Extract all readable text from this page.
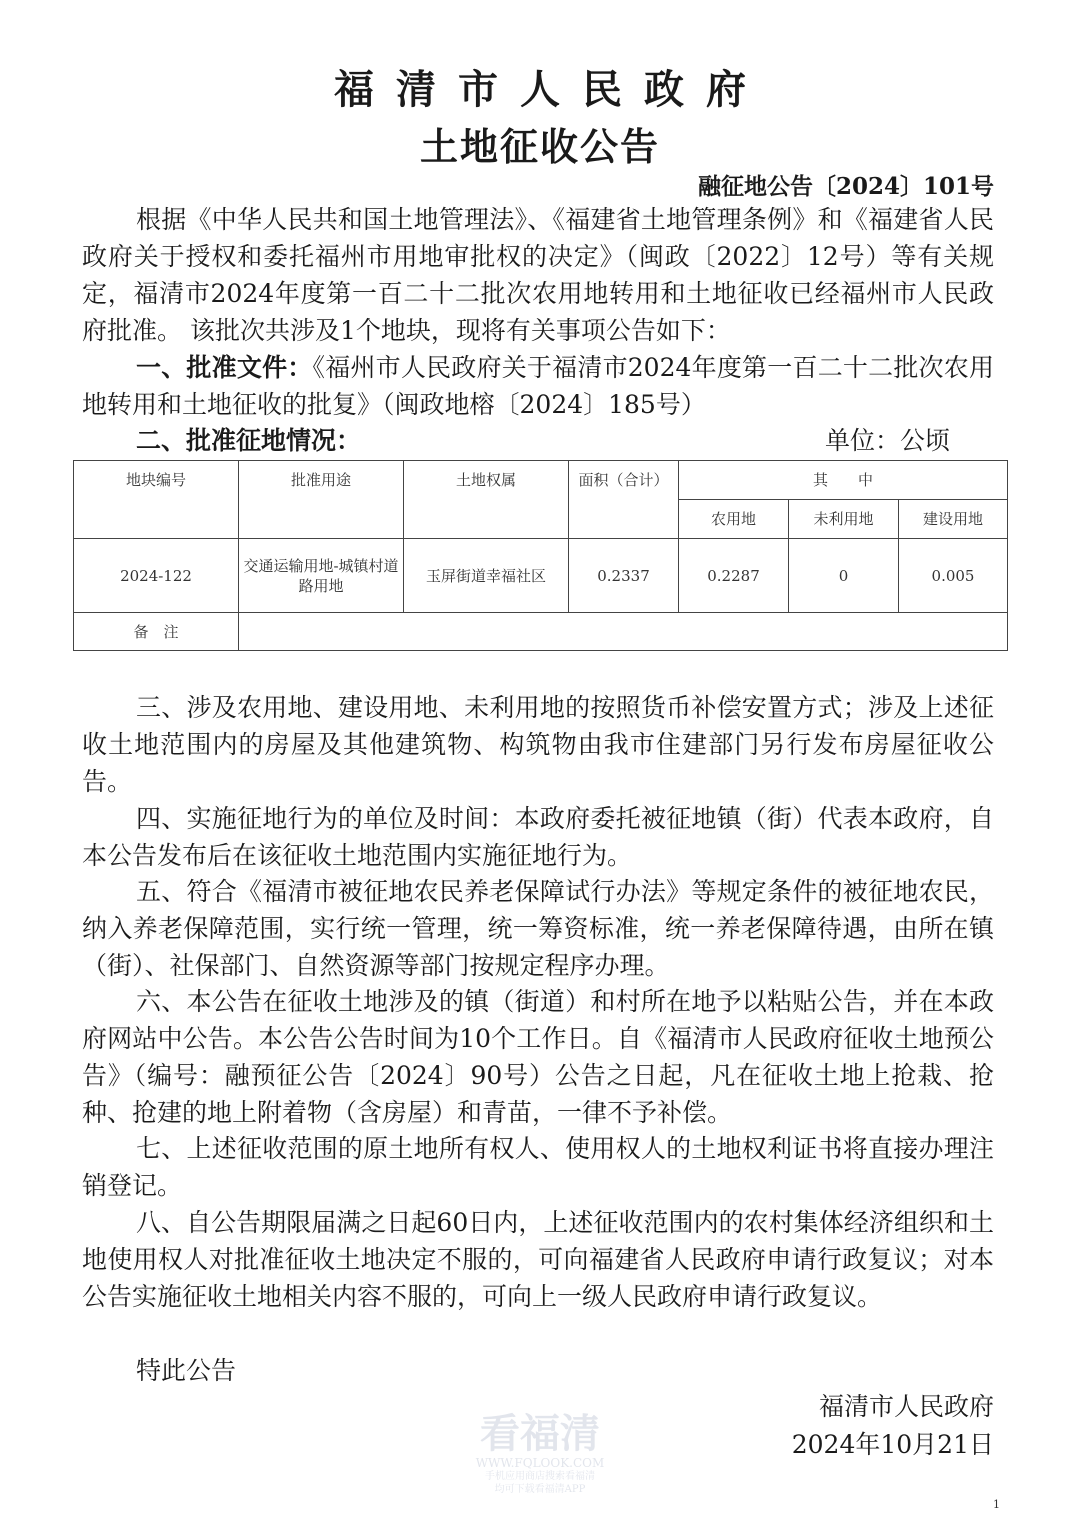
福清市人民政府
土地征收公告
融征地公告〔2024〕101号
根据《中华人民共和国土地管理法》、《福建省土地管理条例》和《福建省人民政府关于授权和委托福州市用地审批权的决定》（闽政〔2022〕12号）等有关规定，福清市2024年度第一百二十二批次农用地转用和土地征收已经福州市人民政府批准。 该批次共涉及1个地块，现将有关事项公告如下：
一、批准文件：《福州市人民政府关于福清市2024年度第一百二十二批次农用地转用和土地征收的批复》（闽政地榕〔2024〕185号）
二、批准征地情况：	单位：公顷
地块编号	批准用途	土地权属	面积（合计）	其　　中		
				农用地	未利用地	建设用地
2024-122	交通运输用地-城镇村道路用地	玉屏街道幸福社区	0.2337	0.2287	0	0.005
备　注						
三、涉及农用地、建设用地、未利用地的按照货币补偿安置方式；涉及上述征收土地范围内的房屋及其他建筑物、构筑物由我市住建部门另行发布房屋征收公告。
四、实施征地行为的单位及时间：本政府委托被征地镇（街）代表本政府，自本公告发布后在该征收土地范围内实施征地行为。
五、符合《福清市被征地农民养老保障试行办法》等规定条件的被征地农民，纳入养老保障范围，实行统一管理，统一筹资标准，统一养老保障待遇，由所在镇（街）、社保部门、自然资源等部门按规定程序办理。
六、本公告在征收土地涉及的镇（街道）和村所在地予以粘贴公告，并在本政府网站中公告。本公告公告时间为10个工作日。自《福清市人民政府征收土地预公告》（编号：融预征公告〔2024〕90号）公告之日起，凡在征收土地上抢栽、抢种、抢建的地上附着物（含房屋）和青苗，一律不予补偿。
七、上述征收范围的原土地所有权人、使用权人的土地权利证书将直接办理注销登记。
八、自公告期限届满之日起60日内，上述征收范围内的农村集体经济组织和土地使用权人对批准征收土地决定不服的，可向福建省人民政府申请行政复议；对本公告实施征收土地相关内容不服的，可向上一级人民政府申请行政复议。
特此公告
福清市人民政府
2024年10月21日
看福清
WWW.FQLOOK.COM
手机应用商店搜索看福清
均可下载看福清APP
1
